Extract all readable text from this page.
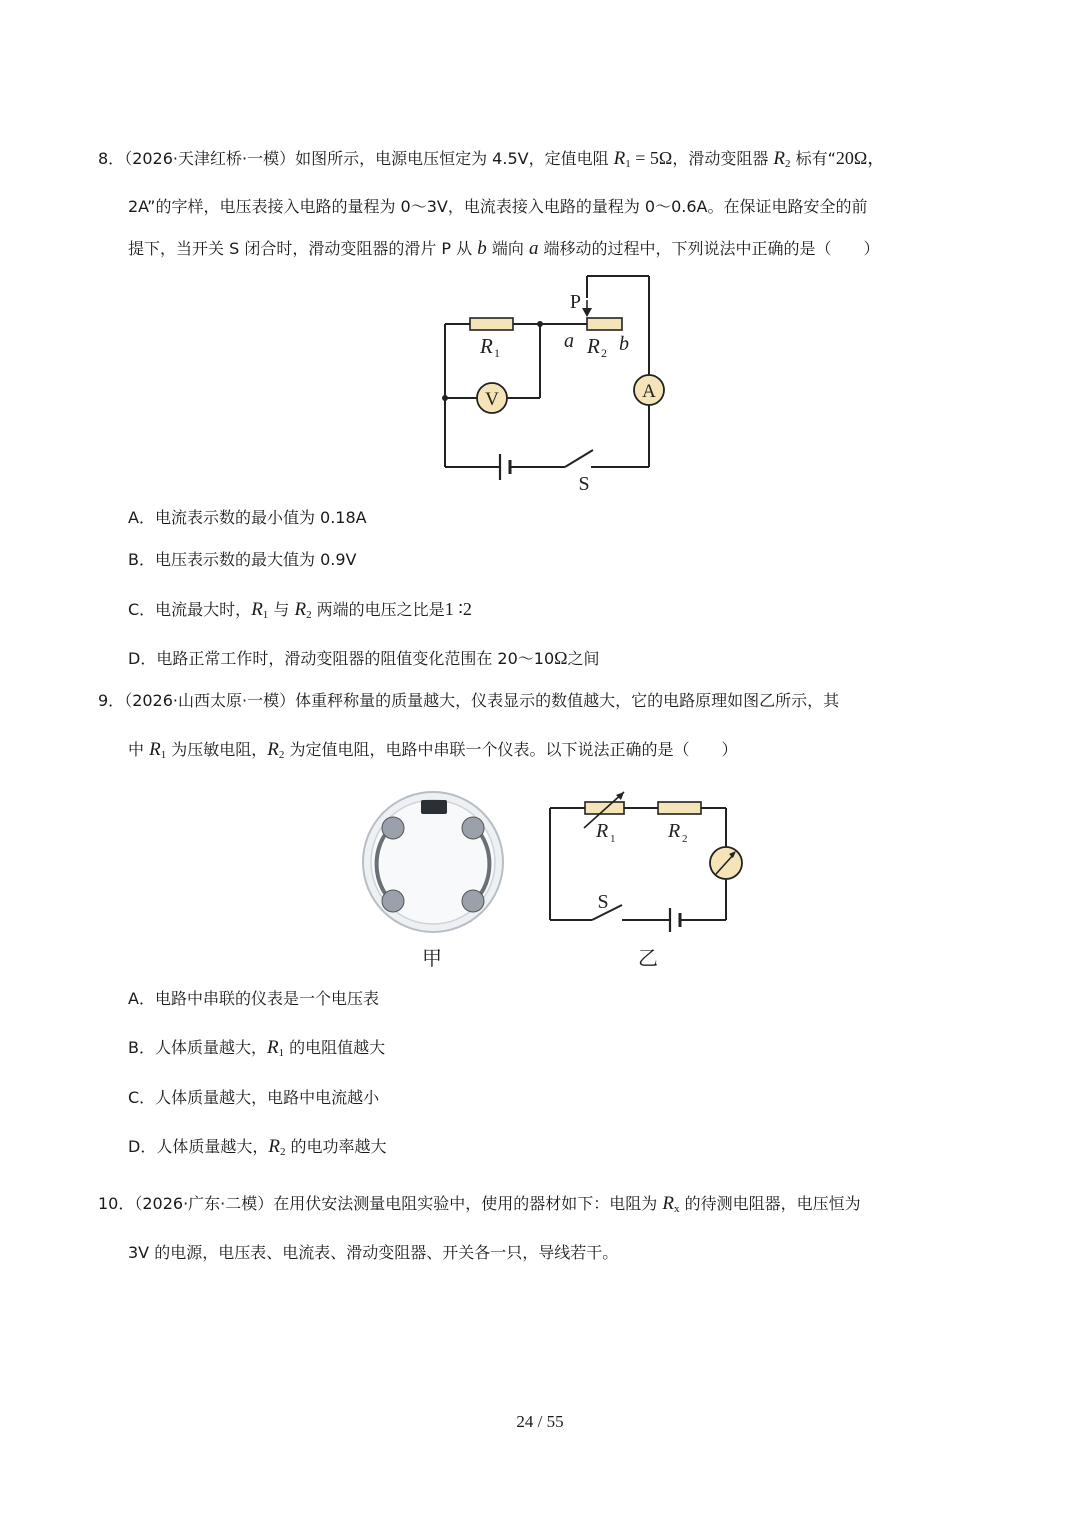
8．（2026·天津红桥·一模）如图所示，电源电压恒定为 4.5V，定值电阻 $R_1 = 5\Omega$，滑动变阻器 $R_2$ 标有“20Ω，
2A”的字样，电压表接入电路的量程为 0～3V，电流表接入电路的量程为 0～0.6A。在保证电路安全的前
提下，当开关 S 闭合时，滑动变阻器的滑片 P 从 b 端向 a 端移动的过程中，下列说法中正确的是（　　）
P
V	A
R 1
a R 2 b
S
A．电流表示数的最小值为 0.18A
B．电压表示数的最大值为 0.9V
C．电流最大时，$R_1$ 与 $R_2$ 两端的电压之比是1 ∶2
D．电路正常工作时，滑动变阻器的阻值变化范围在 20～10Ω之间
9．（2026·山西太原·一模）体重秤称量的质量越大，仪表显示的数值越大，它的电路原理如图乙所示，其
中 $R_1$ 为压敏电阻，$R_2$ 为定值电阻，电路中串联一个仪表。以下说法正确的是（　　）
甲
R 1	R 2
S
乙
A．电路中串联的仪表是一个电压表
B．人体质量越大，$R_1$ 的电阻值越大
C．人体质量越大，电路中电流越小
D．人体质量越大，$R_2$ 的电功率越大
10．（2026·广东·二模）在用伏安法测量电阻实验中，使用的器材如下：电阻为 $R_x$ 的待测电阻器，电压恒为
3V 的电源，电压表、电流表、滑动变阻器、开关各一只，导线若干。
24 / 55
